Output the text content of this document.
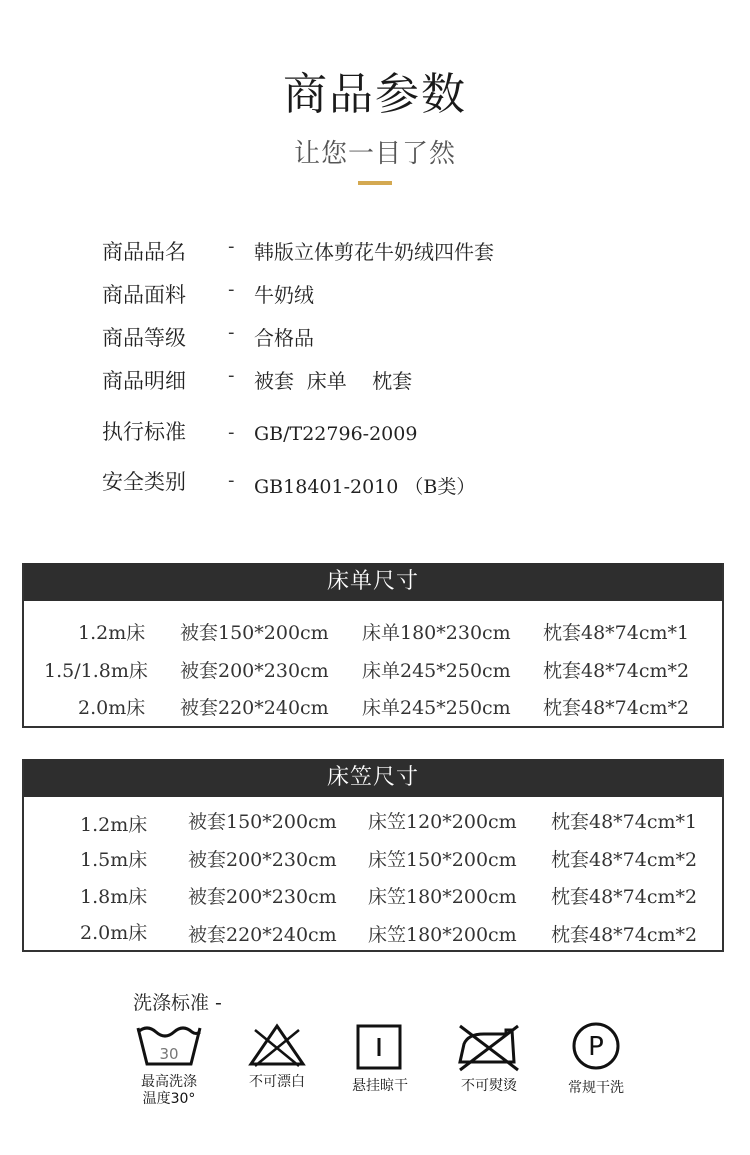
商品参数
让您一目了然
商品品名 - 韩版立体剪花牛奶绒四件套
商品面料 - 牛奶绒
商品等级 - 合格品
商品明细 - 被套  床单    枕套
执行标准 - GB/T22796-2009
安全类别 - GB18401-2010 （B类）
床单尺寸
1.2m床 被套150*200cm 床单180*230cm 枕套48*74cm*1
1.5/1.8m床 被套200*230cm 床单245*250cm 枕套48*74cm*2
2.0m床 被套220*240cm 床单245*250cm 枕套48*74cm*2
床笠尺寸
1.2m床 被套150*200cm 床笠120*200cm 枕套48*74cm*1
1.5m床 被套200*230cm 床笠150*200cm 枕套48*74cm*2
1.8m床 被套200*230cm 床笠180*200cm 枕套48*74cm*2
2.0m床 被套220*240cm 床笠180*200cm 枕套48*74cm*2
洗涤标准 -
30
最高洗涤
温度30°
不可漂白	悬挂晾干	不可熨烫
P
常规干洗
